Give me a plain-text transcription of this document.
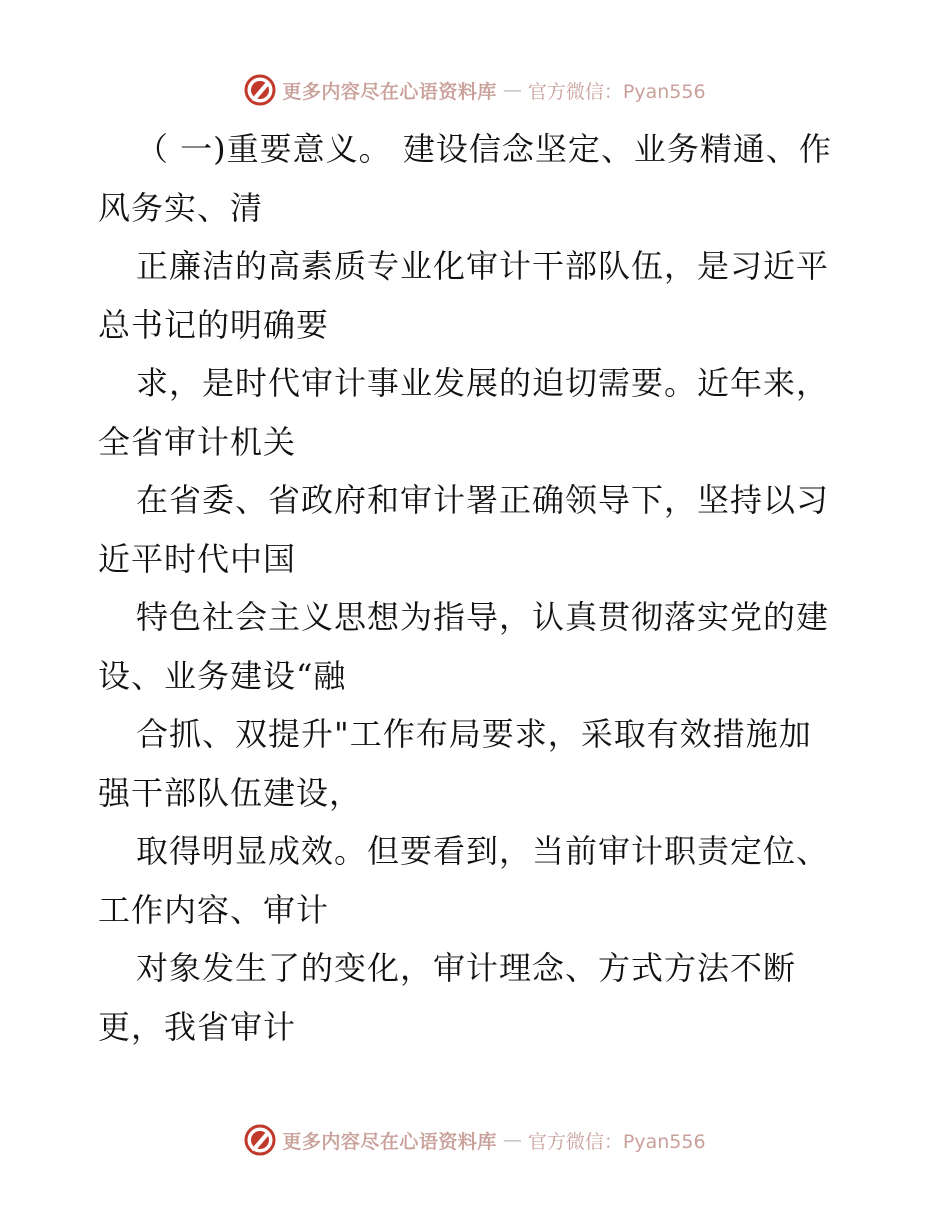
更多内容尽在心语资料库 — 官方微信：Pyan556
（ 一)重要意义。 建设信念坚定、业务精通、作
风务实、清
正廉洁的高素质专业化审计干部队伍，是习近平
总书记的明确要
求，是时代审计事业发展的迫切需要。近年来，
全省审计机关
在省委、省政府和审计署正确领导下，坚持以习
近平时代中国
特色社会主义思想为指导，认真贯彻落实党的建
设、业务建设“融
合抓、双提升"工作布局要求，采取有效措施加
强干部队伍建设，
取得明显成效。但要看到，当前审计职责定位、
工作内容、审计
对象发生了的变化，审计理念、方式方法不断
更，我省审计
更多内容尽在心语资料库 — 官方微信：Pyan556
